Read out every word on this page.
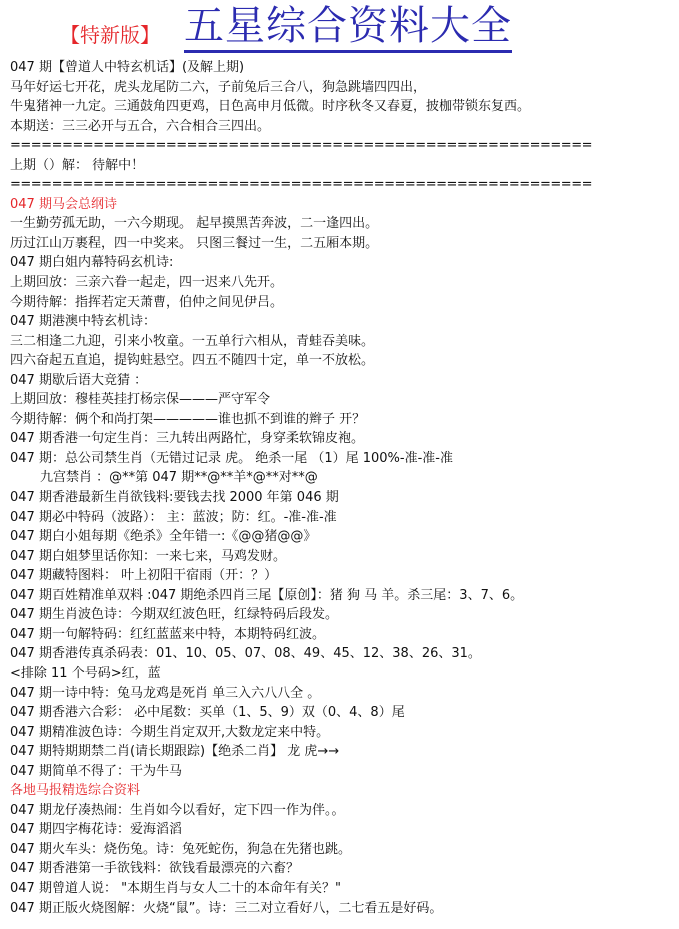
【特新版】 五星综合资料大全
047 期【曾道人中特玄机话】(及解上期)
马年好运七开花，虎头龙尾防二六，子前兔后三合八，狗急跳墙四四出，
牛鬼猪神一九定。三通鼓角四更鸡，日色高申月低微。时序秋冬又春夏，披枷带锁东复西。
本期送：三三必开与五合，六合相合三四出。
========================================================
上期（）解： 待解中！
========================================================
047 期马会总纲诗
一生勤劳孤无助，一六今期现。 起早摸黑苦奔波，二一逢四出。
历过江山万裹程，四一中奖来。 只图三餐过一生，二五厢本期。
047 期白姐内幕特码玄机诗:
上期回放：三亲六眷一起走，四一迟来八先开。
今期待解：指挥若定天萧曹，伯仲之间见伊吕。
047 期港澳中特玄机诗：
三二相逢二九迎，引来小牧童。一五单行六相从，青蛙吞美味。
四六奋起五直追，提钩蛀悬空。四五不随四十定，单一不放松。
047 期歇后语大竞猜 ：
上期回放：穆桂英挂打杨宗保———严守军令
今期待解：俩个和尚打架—————谁也抓不到谁的辫子 开？
047 期香港一句定生肖：三九转出两路忙，身穿柔软锦皮袍。
047 期：总公司禁生肖（无错过记录 虎。 绝杀一尾 （1）尾 100%-准-准-准
九宫禁肖 ：@**第 047 期**@**羊*@**对**@
047 期香港最新生肖欲钱料:要钱去找 2000 年第 046 期
047 期必中特码（波路）： 主：蓝波；防：红。-准-准-准
047 期白小姐每期《绝杀》全年错一:《@@猪@@》
047 期白姐梦里话你知：一来七来，马鸡发财。
047 期藏特图料： 叶上初阳干宿雨（开：？）
047 期百姓精准单双料 :047 期绝杀四肖三尾【原创】：猪 狗 马 羊。杀三尾：3、7、6。
047 期生肖波色诗：今期双红波色旺，红绿特码后段发。
047 期一句解特码：红红蓝蓝来中特，本期特码红波。
047 期香港传真杀码表：01、10、05、07、08、49、45、12、38、26、31。
<排除 11 个号码>红，蓝
047 期一诗中特：兔马龙鸡是死肖 单三入六八八全 。
047 期香港六合彩： 必中尾数：买单（1、5、9）双（0、4、8）尾
047 期精准波色诗：今期生肖定双开,大数龙定来中特。
047 期特期期禁二肖(请长期跟踪)【绝杀二肖】 龙 虎→→
047 期简单不得了：干为牛马
各地马报精选综合资料
047 期龙仔凑热闹：生肖如今以看好，定下四一作为伴。。
047 期四字梅花诗：爱海滔滔
047 期火车头：烧伤兔。诗：兔死蛇伤，狗急在先猪也跳。
047 期香港第一手欲钱料：欲钱看最漂亮的六畜？
047 期曾道人说： "本期生肖与女人二十的本命年有关？"
047 期正版火烧图解：火烧“鼠”。诗：三二对立看好八，二七看五是好码。
